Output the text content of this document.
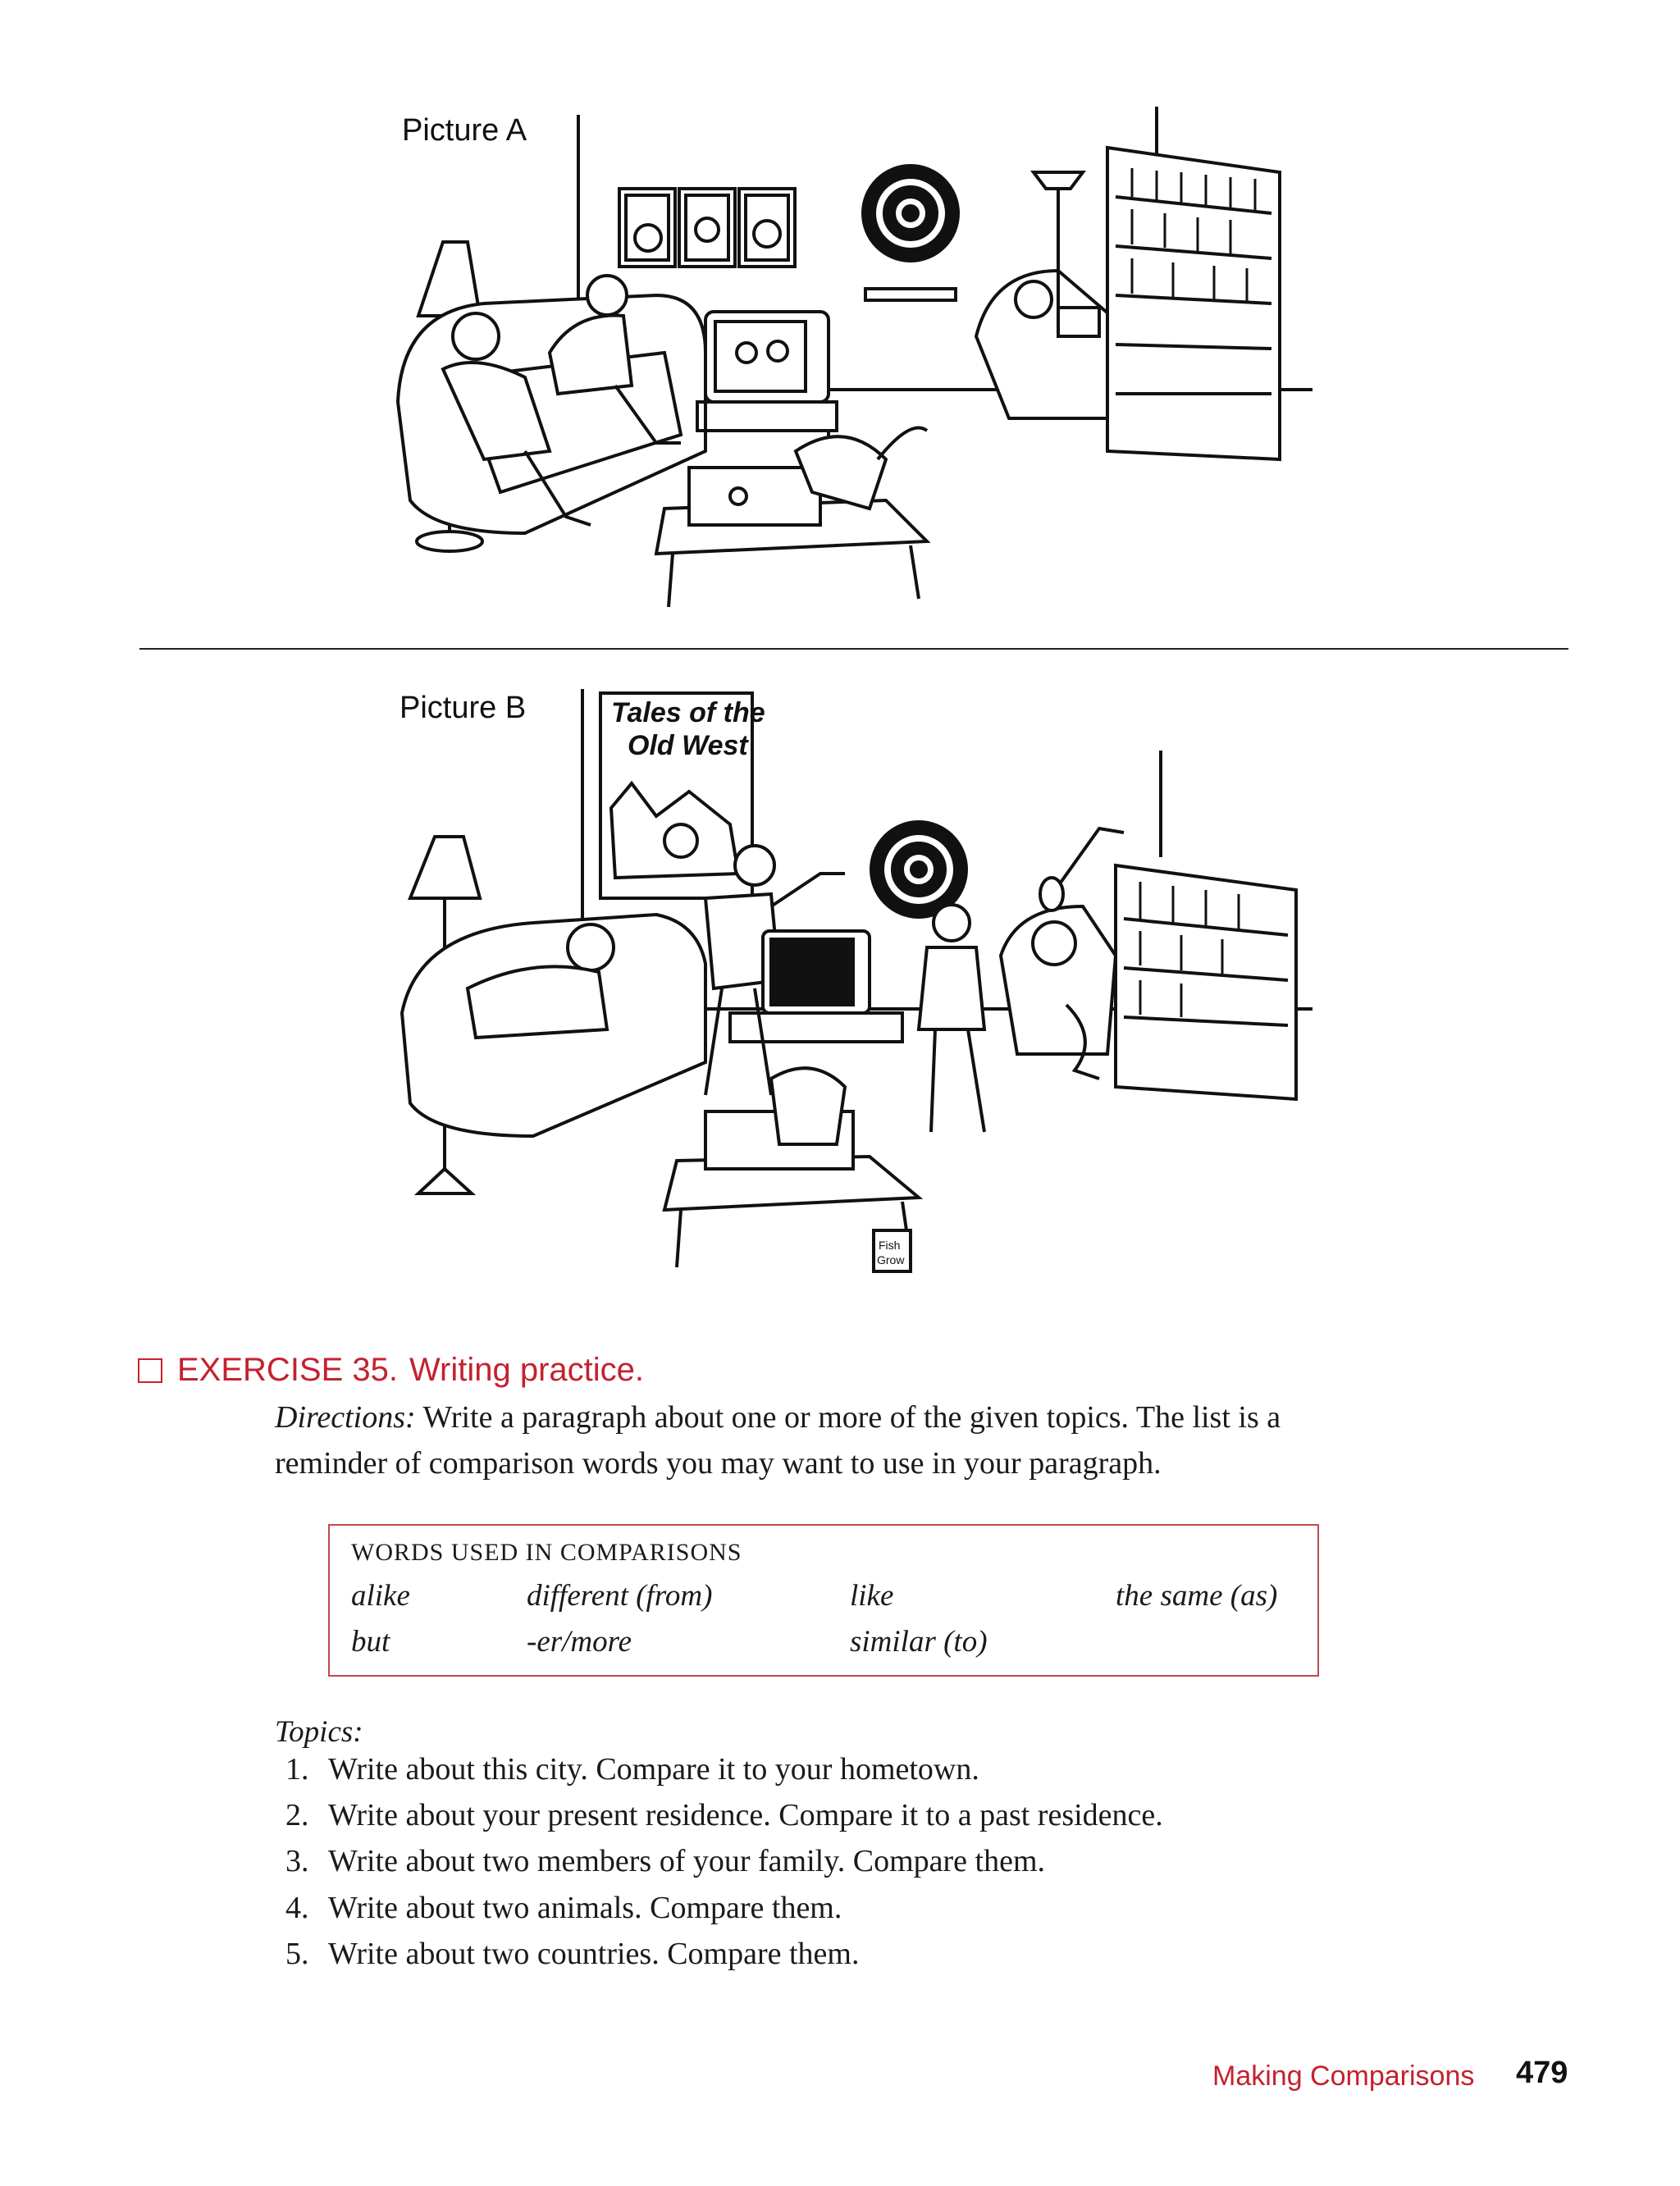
Picture A
Picture B	Tales of the
Old West
Fish
Grow
EXERCISE 35. Writing practice.
Directions: Write a paragraph about one or more of the given topics. The list is a
reminder of comparison words you may want to use in your paragraph.
WORDS USED IN COMPARISONS
alike	different (from)	like	the same (as)
but	-er/more	similar (to)
Topics:
1. Write about this city. Compare it to your hometown.
2. Write about your present residence. Compare it to a past residence.
3. Write about two members of your family. Compare them.
4. Write about two animals. Compare them.
5. Write about two countries. Compare them.
Making Comparisons 479
